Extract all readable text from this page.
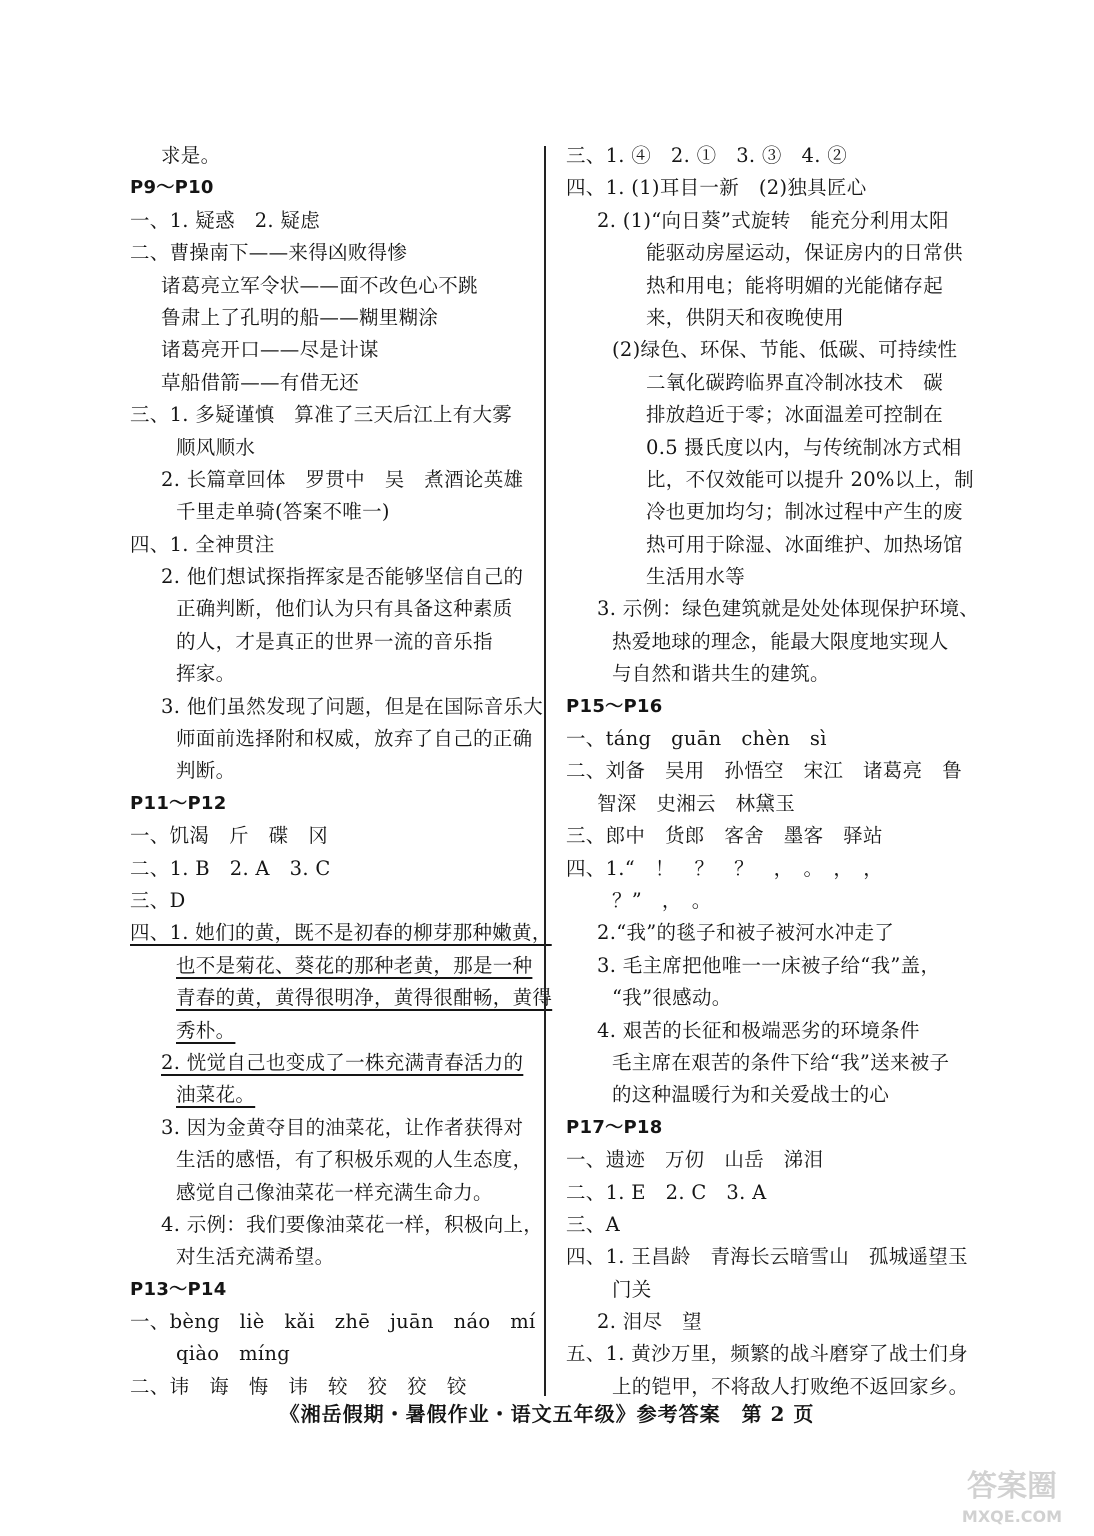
求是。
P9～P10
一、1. 疑惑　2. 疑虑
二、曹操南下——来得凶败得惨
诸葛亮立军令状——面不改色心不跳
鲁肃上了孔明的船——糊里糊涂
诸葛亮开口——尽是计谋
草船借箭——有借无还
三、1. 多疑谨慎　算准了三天后江上有大雾
顺风顺水
2. 长篇章回体　罗贯中　吴　煮酒论英雄
千里走单骑(答案不唯一)
四、1. 全神贯注
2. 他们想试探指挥家是否能够坚信自己的
正确判断，他们认为只有具备这种素质
的人，才是真正的世界一流的音乐指
挥家。
3. 他们虽然发现了问题，但是在国际音乐大
师面前选择附和权威，放弃了自己的正确
判断。
P11～P12
一、饥渴　斤　碟　冈
二、1. B　2. A　3. C
三、D
四、1. 她们的黄，既不是初春的柳芽那种嫩黄，
也不是菊花、葵花的那种老黄，那是一种
青春的黄，黄得很明净，黄得很酣畅，黄得
秀朴。
2. 恍觉自己也变成了一株充满青春活力的
油菜花。
3. 因为金黄夺目的油菜花，让作者获得对
生活的感悟，有了积极乐观的人生态度，
感觉自己像油菜花一样充满生命力。
4. 示例：我们要像油菜花一样，积极向上，
对生活充满希望。
P13～P14
一、bèng　liè　kǎi　zhē　juān　náo　mí
qiào　míng
二、讳　诲　悔　讳　较　狡　狡　铰
三、1. ④　2. ①　3. ③　4. ②
四、1. (1)耳目一新　(2)独具匠心
2. (1)“向日葵”式旋转　能充分利用太阳
能驱动房屋运动，保证房内的日常供
热和用电；能将明媚的光能储存起
来，供阴天和夜晚使用
(2)绿色、环保、节能、低碳、可持续性
二氧化碳跨临界直冷制冰技术　碳
排放趋近于零；冰面温差可控制在
0.5 摄氏度以内，与传统制冰方式相
比，不仅效能可以提升 20%以上，制
冷也更加均匀；制冰过程中产生的废
热可用于除湿、冰面维护、加热场馆
生活用水等
3. 示例：绿色建筑就是处处体现保护环境、
热爱地球的理念，能最大限度地实现人
与自然和谐共生的建筑。
P15～P16
一、táng　guān　chèn　sì
二、刘备　吴用　孙悟空　宋江　诸葛亮　鲁
智深　史湘云　林黛玉
三、郎中　货郎　客舍　墨客　驿站
四、1.“　！　？　？　，　。　，　，
？”　，　。
2.“我”的毯子和被子被河水冲走了
3. 毛主席把他唯一一床被子给“我”盖，
“我”很感动。
4. 艰苦的长征和极端恶劣的环境条件
毛主席在艰苦的条件下给“我”送来被子
的这种温暖行为和关爱战士的心
P17～P18
一、遗迹　万仞　山岳　涕泪
二、1. E　2. C　3. A
三、A
四、1. 王昌龄　青海长云暗雪山　孤城遥望玉
门关
2. 泪尽　望
五、1. 黄沙万里，频繁的战斗磨穿了战士们身
上的铠甲，不将敌人打败绝不返回家乡。
《湘岳假期・暑假作业・语文五年级》参考答案　第 2 页
答案圈
MXQE.COM
